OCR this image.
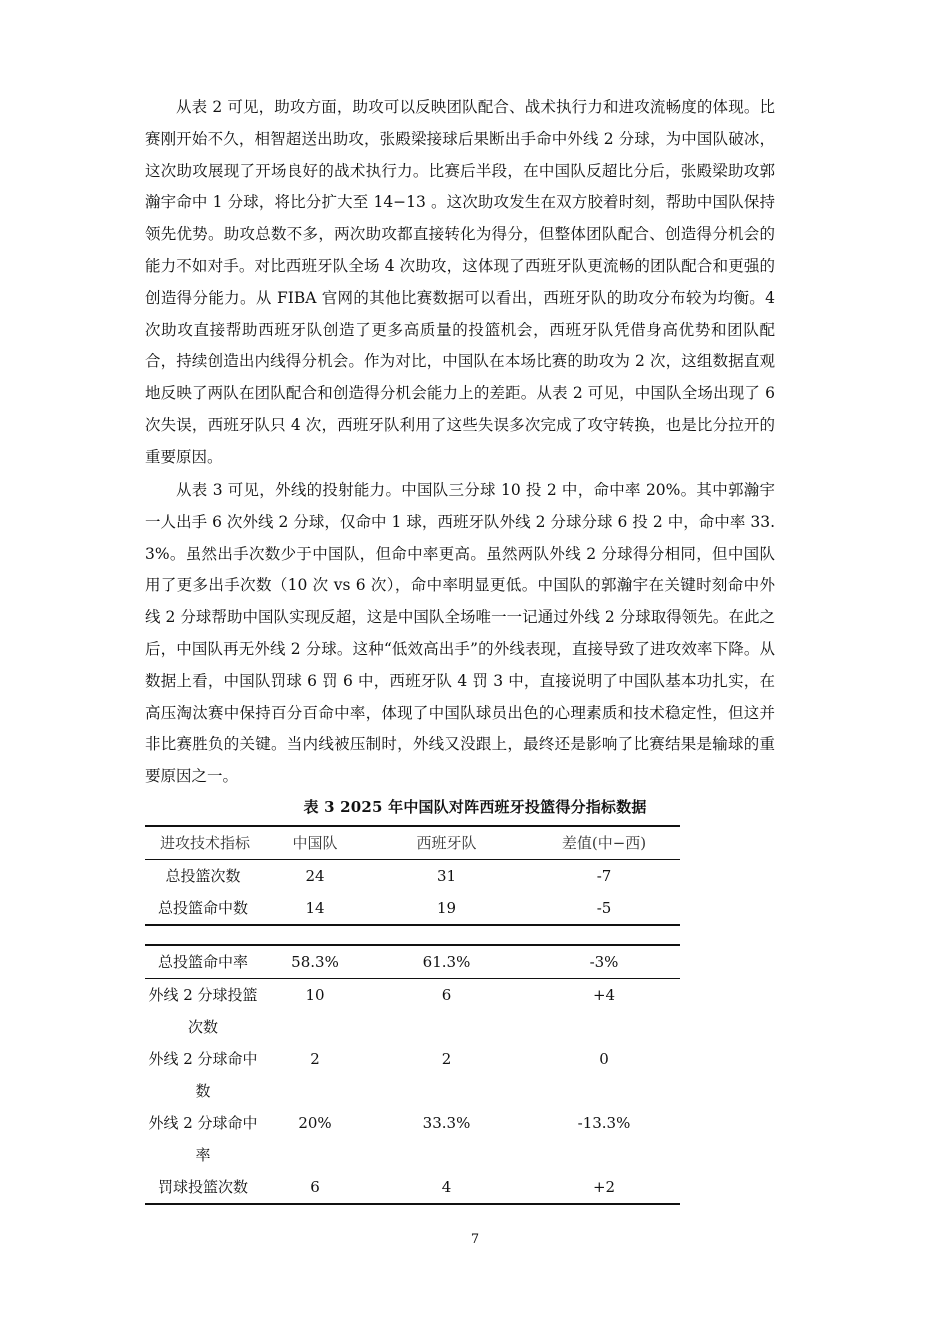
从表 2 可见，助攻方面，助攻可以反映团队配合、战术执行力和进攻流畅度的体现。比赛刚开始不久，相智超送出助攻，张殿梁接球后果断出手命中外线 2 分球，为中国队破冰，这次助攻展现了开场良好的战术执行力。比赛后半段，在中国队反超比分后，张殿梁助攻郭瀚宇命中 1 分球，将比分扩大至 14−13 。这次助攻发生在双方胶着时刻，帮助中国队保持领先优势。助攻总数不多，两次助攻都直接转化为得分，但整体团队配合、创造得分机会的能力不如对手。对比西班牙队全场 4 次助攻，这体现了西班牙队更流畅的团队配合和更强的创造得分能力。从 FIBA 官网的其他比赛数据可以看出，西班牙队的助攻分布较为均衡。4 次助攻直接帮助西班牙队创造了更多高质量的投篮机会，西班牙队凭借身高优势和团队配合，持续创造出内线得分机会。作为对比，中国队在本场比赛的助攻为 2 次，这组数据直观地反映了两队在团队配合和创造得分机会能力上的差距。从表 2 可见，中国队全场出现了 6 次失误，西班牙队只 4 次，西班牙队利用了这些失误多次完成了攻守转换，也是比分拉开的重要原因。

从表 3 可见，外线的投射能力。中国队三分球 10 投 2 中，命中率 20%。其中郭瀚宇一人出手 6 次外线 2 分球，仅命中 1 球，西班牙队外线 2 分球分球 6 投 2 中，命中率 33.3%。虽然出手次数少于中国队，但命中率更高。虽然两队外线 2 分球得分相同，但中国队用了更多出手次数（10 次 vs 6 次），命中率明显更低。中国队的郭瀚宇在关键时刻命中外线 2 分球帮助中国队实现反超，这是中国队全场唯一一记通过外线 2 分球取得领先。在此之后，中国队再无外线 2 分球。这种“低效高出手”的外线表现，直接导致了进攻效率下降。从数据上看，中国队罚球 6 罚 6 中，西班牙队 4 罚 3 中，直接说明了中国队基本功扎实，在高压淘汰赛中保持百分百命中率，体现了中国队球员出色的心理素质和技术稳定性，但这并非比赛胜负的关键。当内线被压制时，外线又没跟上，最终还是影响了比赛结果是输球的重要原因之一。

表 3 2025 年中国队对阵西班牙投篮得分指标数据
进攻技术指标	中国队	西班牙队	差值(中−西)
总投篮次数	24	31	-7
总投篮命中数	14	19	-5

总投篮命中率	58.3%	61.3%	-3%
外线 2 分球投篮次数	10	6	+4
外线 2 分球命中数	2	2	0
外线 2 分球命中率	20%	33.3%	-13.3%
罚球投篮次数	6	4	+2
7
